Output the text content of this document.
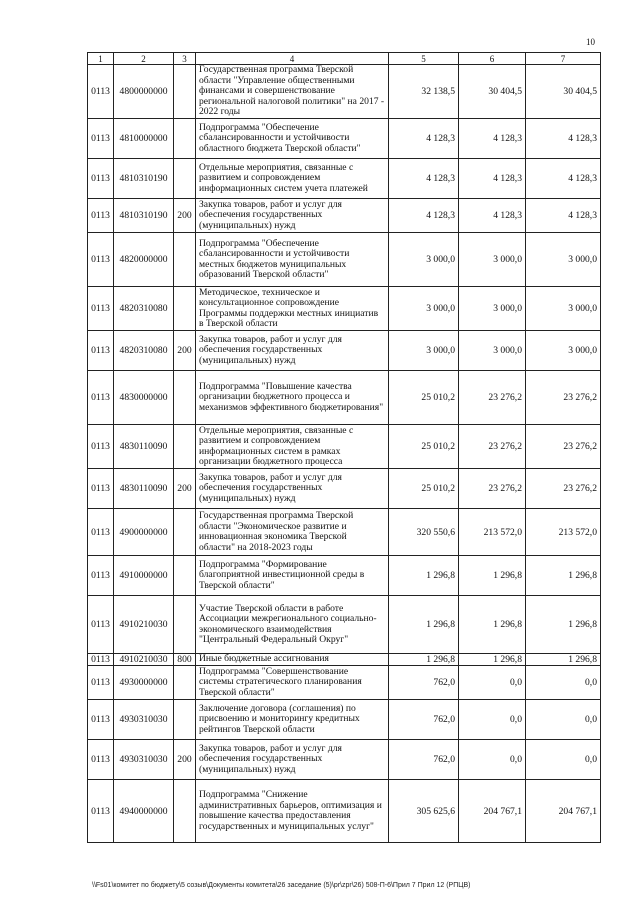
10
1	2	3	4	5	6	7
0113	4800000000		Государственная программа Тверской области "Управление общественными финансами и совершенствование региональной налоговой политики" на 2017 - 2022 годы	32 138,5	30 404,5	30 404,5
0113	4810000000		Подпрограмма "Обеспечение сбалансированности и устойчивости областного бюджета Тверской области"	4 128,3	4 128,3	4 128,3
0113	4810310190		Отдельные мероприятия, связанные с развитием и сопровождением информационных систем учета платежей	4 128,3	4 128,3	4 128,3
0113	4810310190	200	Закупка товаров, работ и услуг для обеспечения государственных (муниципальных) нужд	4 128,3	4 128,3	4 128,3
0113	4820000000		Подпрограмма "Обеспечение сбалансированности и устойчивости местных бюджетов муниципальных образований Тверской области"	3 000,0	3 000,0	3 000,0
0113	4820310080		Методическое, техническое и консультационное сопровождение Программы поддержки местных инициатив в Тверской области	3 000,0	3 000,0	3 000,0
0113	4820310080	200	Закупка товаров, работ и услуг для обеспечения государственных (муниципальных) нужд	3 000,0	3 000,0	3 000,0
0113	4830000000		Подпрограмма "Повышение качества организации бюджетного процесса и механизмов эффективного бюджетирования"	25 010,2	23 276,2	23 276,2
0113	4830110090		Отдельные мероприятия, связанные с развитием и сопровождением информационных систем в рамках организации бюджетного процесса	25 010,2	23 276,2	23 276,2
0113	4830110090	200	Закупка товаров, работ и услуг для обеспечения государственных (муниципальных) нужд	25 010,2	23 276,2	23 276,2
0113	4900000000		Государственная программа Тверской области "Экономическое развитие и инновационная экономика Тверской области" на 2018-2023 годы	320 550,6	213 572,0	213 572,0
0113	4910000000		Подпрограмма "Формирование благоприятной инвестиционной среды в Тверской области"	1 296,8	1 296,8	1 296,8
0113	4910210030		Участие Тверской области в работе Ассоциации межрегионального социально-экономического взаимодействия "Центральный Федеральный Округ"	1 296,8	1 296,8	1 296,8
0113	4910210030	800	Иные бюджетные ассигнования	1 296,8	1 296,8	1 296,8
0113	4930000000		Подпрограмма "Совершенствование системы стратегического планирования Тверской области"	762,0	0,0	0,0
0113	4930310030		Заключение договора (соглашения) по присвоению и мониторингу кредитных рейтингов Тверской области	762,0	0,0	0,0
0113	4930310030	200	Закупка товаров, работ и услуг для обеспечения государственных (муниципальных) нужд	762,0	0,0	0,0
0113	4940000000		Подпрограмма "Снижение административных барьеров, оптимизация и повышение качества предоставления государственных и муниципальных услуг"	305 625,6	204 767,1	204 767,1
\\Fs01\комитет по бюджету\5 созыв\Документы комитета\26 заседание (5)\pr\zpr\26) 508-П-6\Прил 7 Прил 12 (РПЦВ)
